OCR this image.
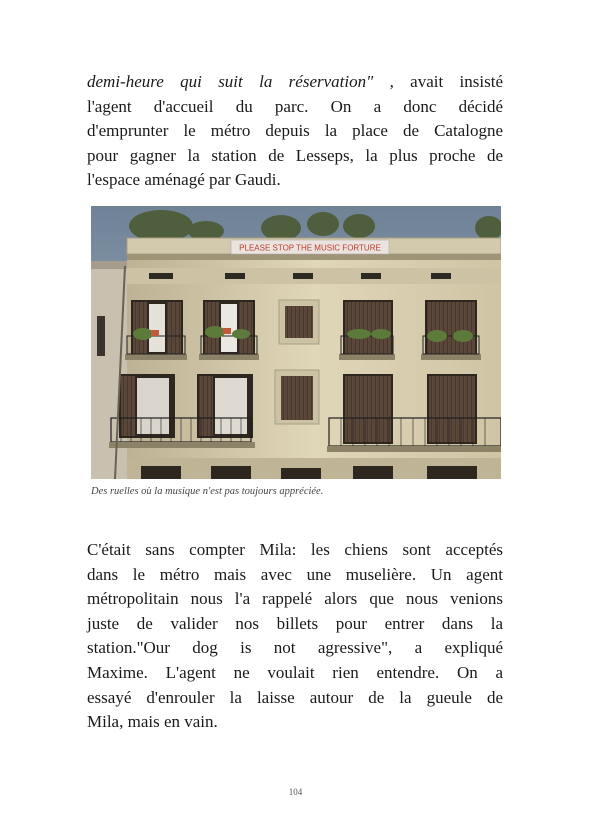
demi-heure qui suit la réservation" , avait insisté
l'agent d'accueil du parc. On a donc décidé
d'emprunter le métro depuis la place de Catalogne
pour gagner la station de Lesseps, la plus proche de
l'espace aménagé par Gaudi.
PLEASE STOP THE MUSIC FORTURE

Des ruelles où la musique n'est pas toujours appréciée.

C'était sans compter Mila: les chiens sont acceptés
dans le métro mais avec une muselière. Un agent
métropolitain nous l'a rappelé alors que nous venions
juste de valider nos billets pour entrer dans la
station."Our dog is not agressive", a expliqué
Maxime. L'agent ne voulait rien entendre. On a
essayé d'enrouler la laisse autour de la gueule de
Mila, mais en vain.

104
